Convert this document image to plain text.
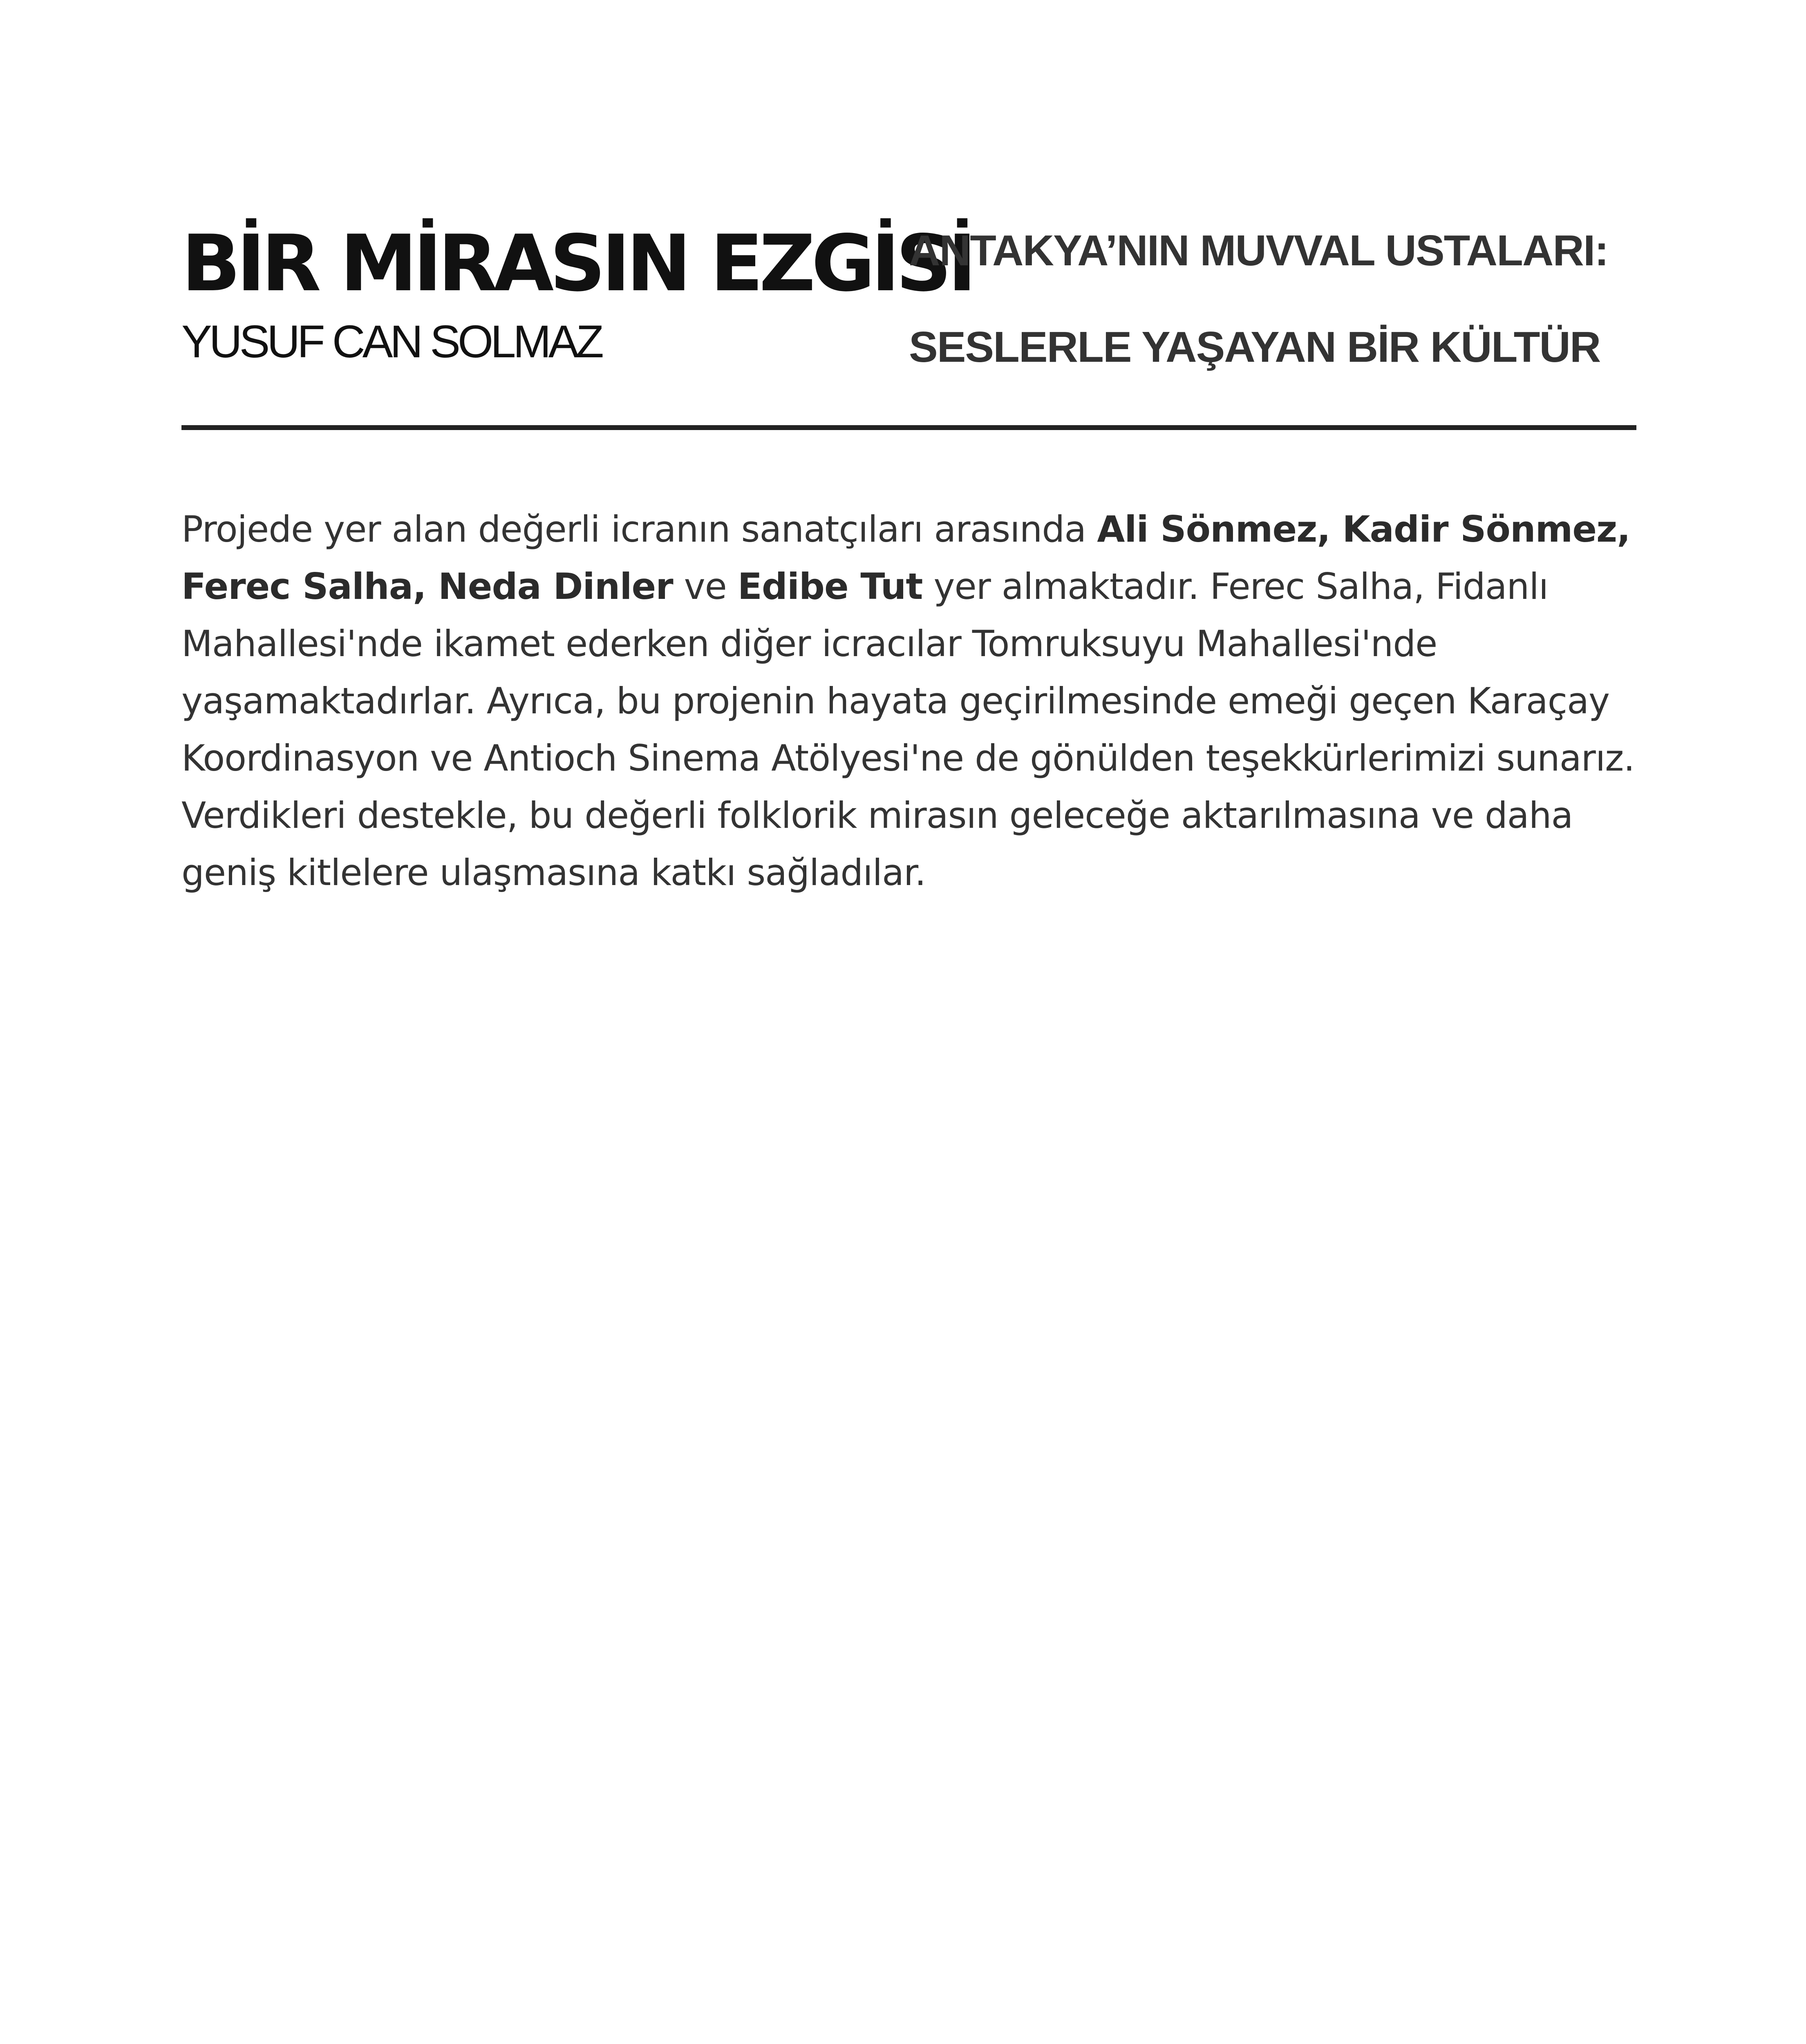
BİR MİRASIN EZGİSİ
YUSUF CAN SOLMAZ
ANTAKYA’NIN MUVVAL USTALARI:
SESLERLE YAŞAYAN BİR KÜLTÜR

Projede yer alan değerli icranın sanatçıları arasında Ali Sönmez, Kadir Sönmez, Ferec Salha, Neda Dinler ve Edibe Tut yer almaktadır. Ferec Salha, Fidanlı Mahallesi'nde ikamet ederken diğer icracılar Tomruksuyu Mahallesi'nde yaşamaktadırlar. Ayrıca, bu projenin hayata geçirilmesinde emeği geçen Karaçay Koordinasyon ve Antioch Sinema Atölyesi'ne de gönülden teşekkürlerimizi sunarız. Verdikleri destekle, bu değerli folklorik mirasın geleceğe aktarılmasına ve daha geniş kitlelere ulaşmasına katkı sağladılar.
